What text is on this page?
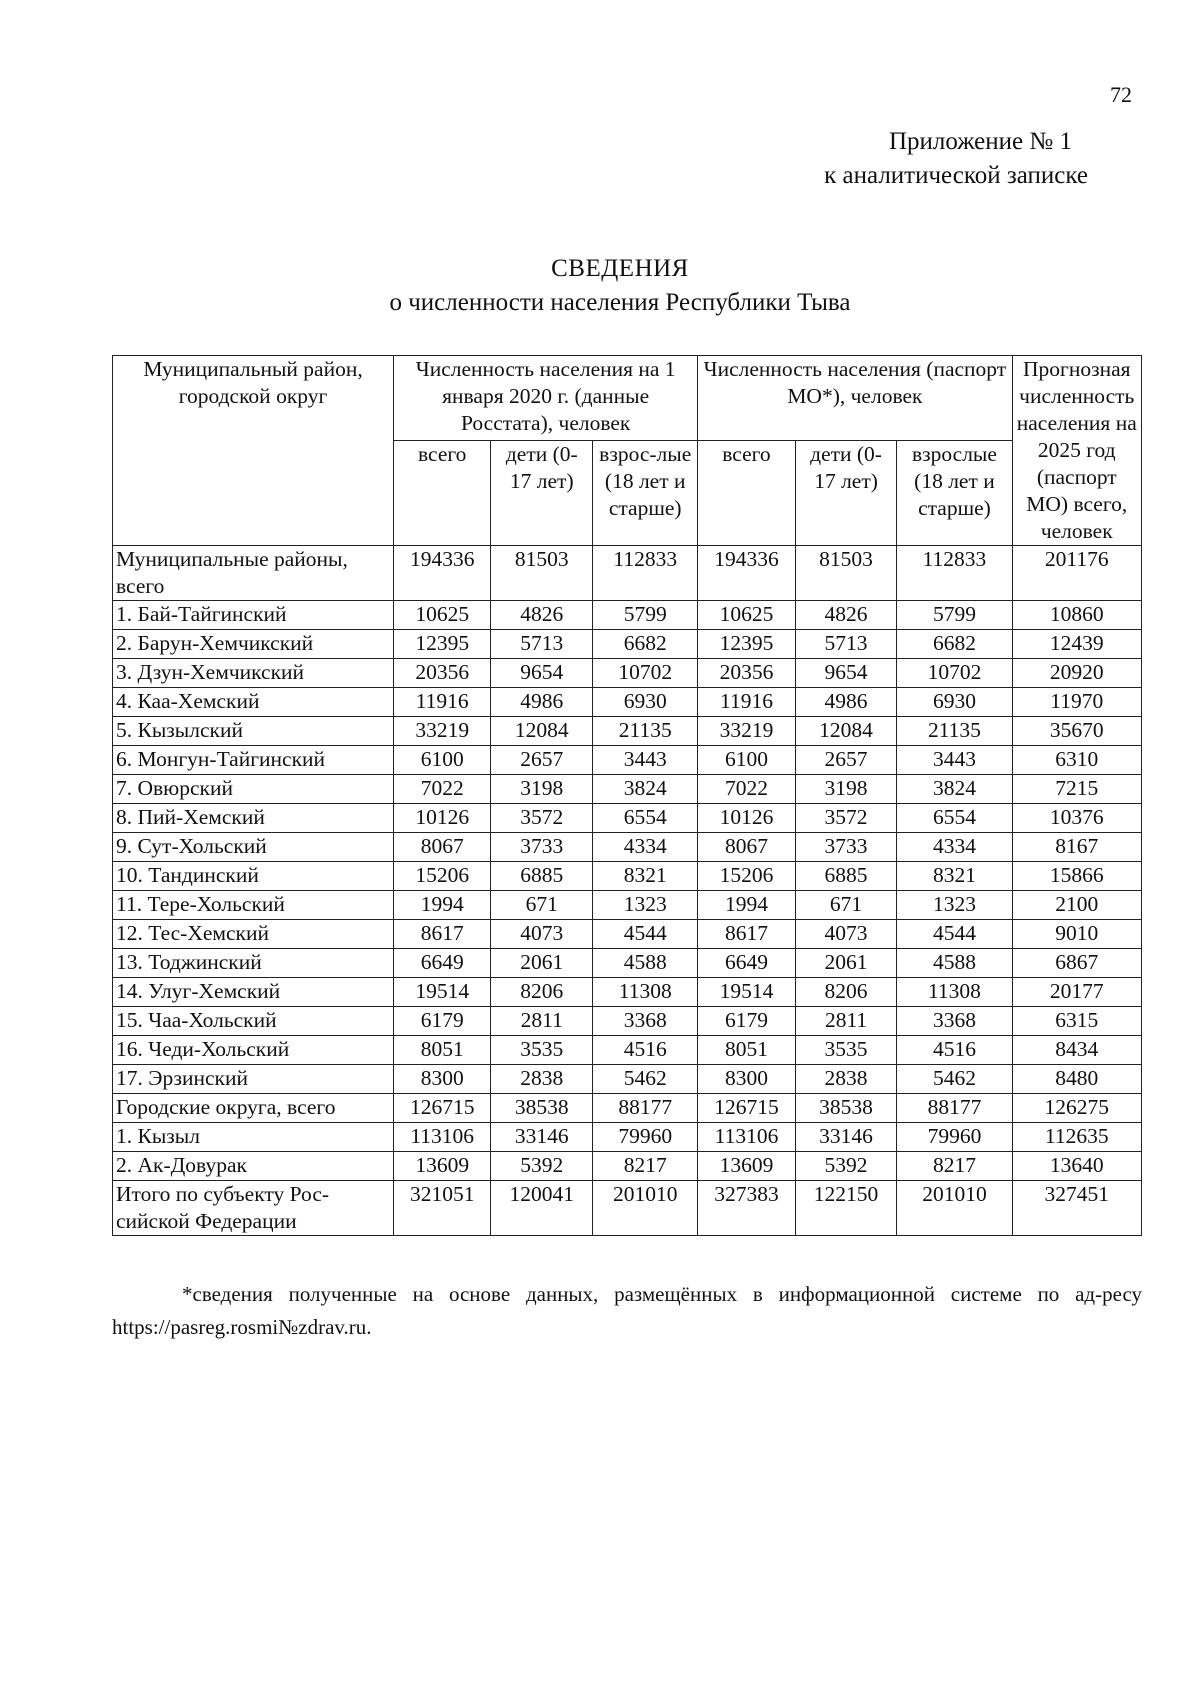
72
Приложение № 1
к аналитической записке
СВЕДЕНИЯ
о численности населения Республики Тыва
Муниципальный район, городской округ	Численность населения на 1 января 2020 г. (данные Росстата), человек			Численность населения (паспорт МО*), человек			Прогнозная численность населения на 2025 год (паспорт МО) всего, человек
	всего	дети (0-17 лет)	взрос-лые (18 лет и старше)	всего	дети (0-17 лет)	взрослые (18 лет и старше)	
Муниципальные районы, всего	194336	81503	112833	194336	81503	112833	201176
1. Бай-Тайгинский	10625	4826	5799	10625	4826	5799	10860
2. Барун-Хемчикский	12395	5713	6682	12395	5713	6682	12439
3. Дзун-Хемчикский	20356	9654	10702	20356	9654	10702	20920
4. Каа-Хемский	11916	4986	6930	11916	4986	6930	11970
5. Кызылский	33219	12084	21135	33219	12084	21135	35670
6. Монгун-Тайгинский	6100	2657	3443	6100	2657	3443	6310
7. Овюрский	7022	3198	3824	7022	3198	3824	7215
8. Пий-Хемский	10126	3572	6554	10126	3572	6554	10376
9. Сут-Хольский	8067	3733	4334	8067	3733	4334	8167
10. Тандинский	15206	6885	8321	15206	6885	8321	15866
11. Тере-Хольский	1994	671	1323	1994	671	1323	2100
12. Тес-Хемский	8617	4073	4544	8617	4073	4544	9010
13. Тоджинский	6649	2061	4588	6649	2061	4588	6867
14. Улуг-Хемский	19514	8206	11308	19514	8206	11308	20177
15. Чаа-Хольский	6179	2811	3368	6179	2811	3368	6315
16. Чеди-Хольский	8051	3535	4516	8051	3535	4516	8434
17. Эрзинский	8300	2838	5462	8300	2838	5462	8480
Городские округа, всего	126715	38538	88177	126715	38538	88177	126275
1. Кызыл	113106	33146	79960	113106	33146	79960	112635
2. Ак-Довурак	13609	5392	8217	13609	5392	8217	13640
Итого по субъекту Рос-сийской Федерации	321051	120041	201010	327383	122150	201010	327451
*сведения полученные на основе данных, размещённых в информационной системе по ад-ресу https://pasreg.rosmi№zdrav.ru.
